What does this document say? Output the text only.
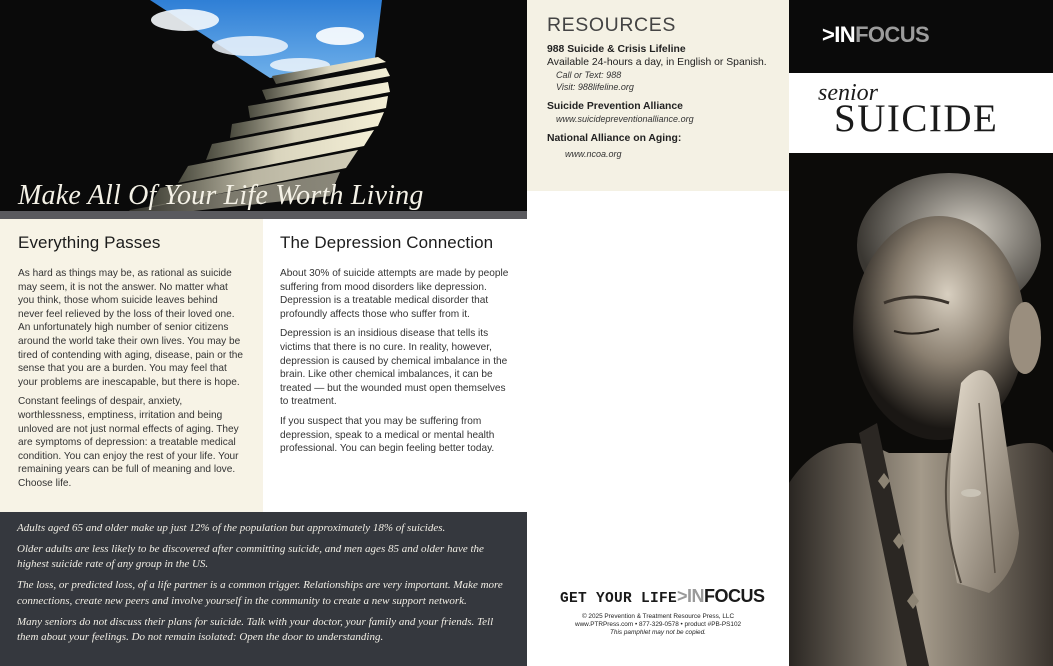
Make All Of Your Life Worth Living
Everything Passes

As hard as things may be, as rational as suicide may seem, it is not the answer. No matter what you think, those whom suicide leaves behind never feel relieved by the loss of their loved one. An unfortunately high number of senior citizens around the world take their own lives. You may be tired of contending with aging, disease, pain or the sense that you are a burden. You may feel that your problems are inescapable, but there is hope.

Constant feelings of despair, anxiety, worthlessness, emptiness, irritation and being unloved are not just normal effects of aging. They are symptoms of depression: a treatable medical condition. You can enjoy the rest of your life. Your remaining years can be full of meaning and love. Choose life.

The Depression Connection

About 30% of suicide attempts are made by people suffering from mood disorders like depression. Depression is a treatable medical disorder that profoundly affects those who suffer from it.

Depression is an insidious disease that tells its victims that there is no cure. In reality, however, depression is caused by chemical imbalance in the brain. Like other chemical imbalances, it can be treated — but the wounded must open themselves to treatment.

If you suspect that you may be suffering from depression, speak to a medical or mental health professional. You can begin feeling better today.

Adults aged 65 and older make up just 12% of the population but approximately 18% of suicides.

Older adults are less likely to be discovered after committing suicide, and men ages 85 and older have the highest suicide rate of any group in the US.

The loss, or predicted loss, of a life partner is a common trigger. Relationships are very important. Make more connections, create new peers and involve yourself in the community to create a new support network.

Many seniors do not discuss their plans for suicide. Talk with your doctor, your family and your friends. Tell them about your feelings. Do not remain isolated: Open the door to understanding.

RESOURCES
988 Suicide & Crisis Lifeline
Available 24-hours a day, in English or Spanish.
Call or Text: 988
Visit: 988lifeline.org
Suicide Prevention Alliance
www.suicidepreventionalliance.org
National Alliance on Aging:
www.ncoa.org
GET YOUR LIFE>INFOCUS
© 2025 Prevention & Treatment Resource Press, LLC
www.PTRPress.com • 877-329-0578 • product #PB-PS102
This pamphlet may not be copied.
>INFOCUS
senior
SUICIDE
